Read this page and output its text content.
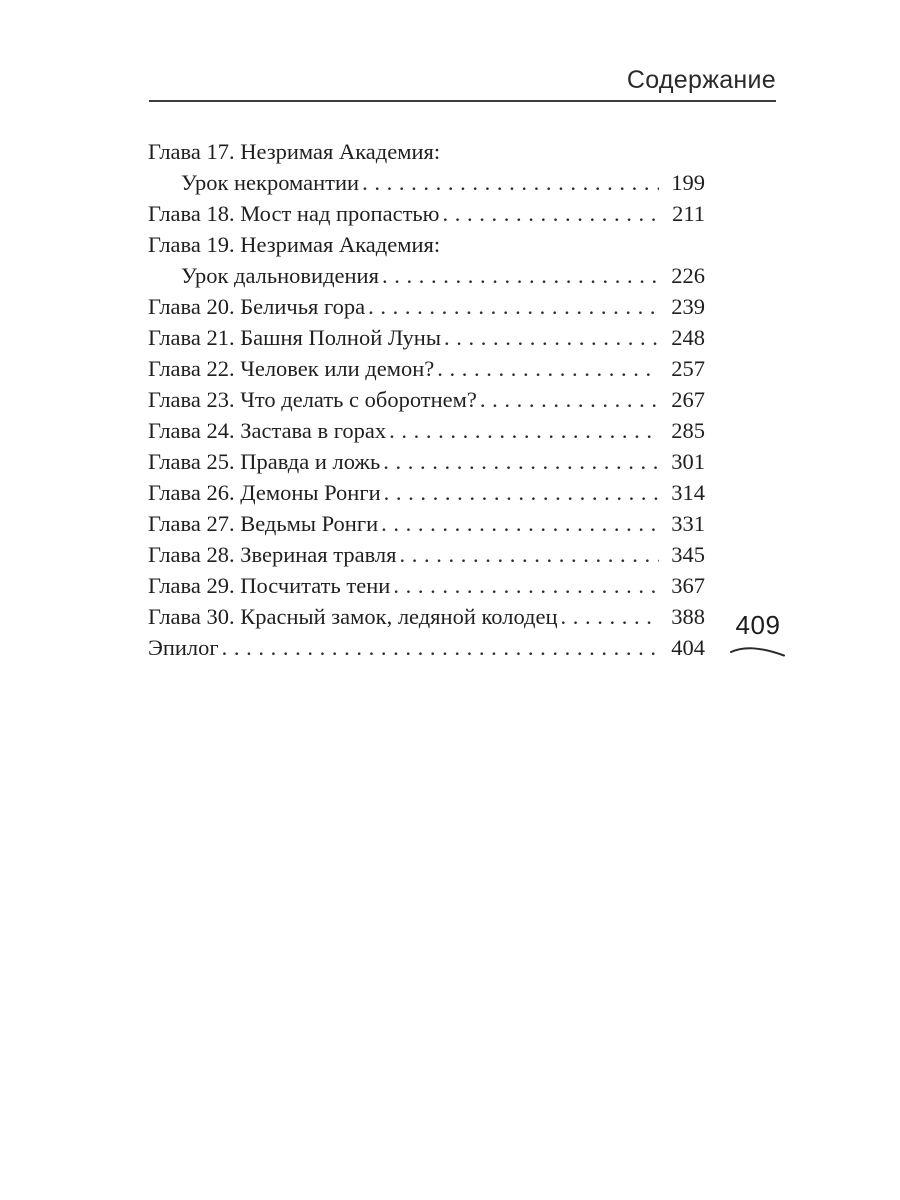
Содержание
Глава 17. Незримая Академия:
Урок некромантии . . .	199
Глава 18. Мост над пропастью . . .	211
Глава 19. Незримая Академия:
Урок дальновидения . . .	226
Глава 20. Беличья гора . . .	239
Глава 21. Башня Полной Луны . . .	248
Глава 22. Человек или демон? . . .	257
Глава 23. Что делать с оборотнем? . . .	267
Глава 24. Застава в горах . . .	285
Глава 25. Правда и ложь . . .	301
Глава 26. Демоны Ронги . . .	314
Глава 27. Ведьмы Ронги . . .	331
Глава 28. Звериная травля . . .	345
Глава 29. Посчитать тени . . .	367
Глава 30. Красный замок, ледяной колодец . . .	388
Эпилог . . .	404
409
